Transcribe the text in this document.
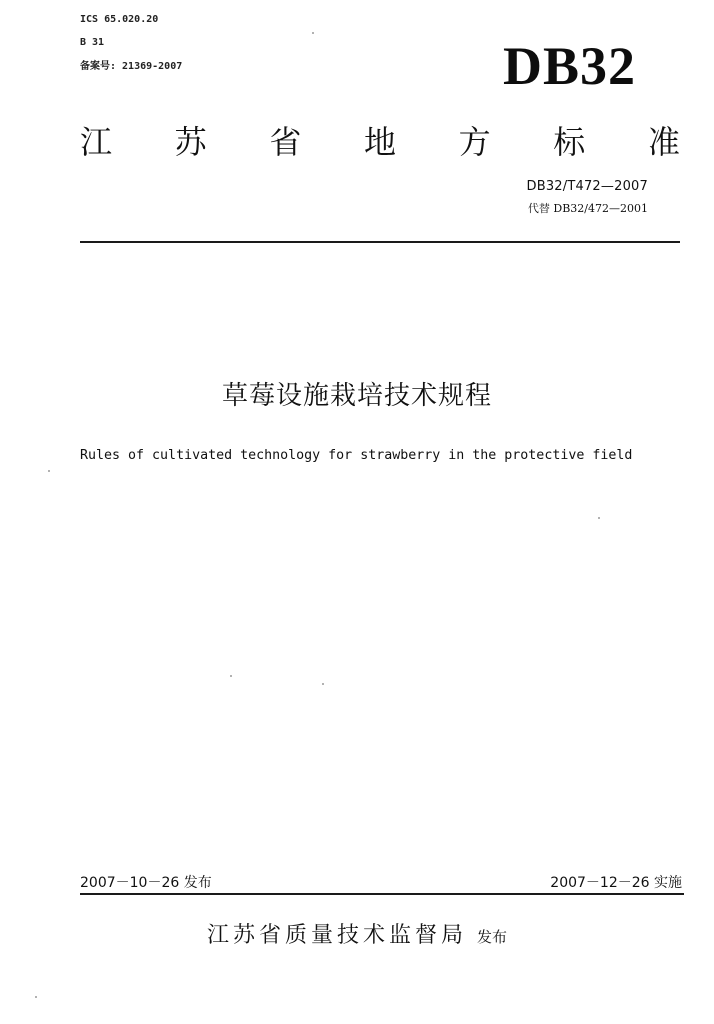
ICS 65.020.20
B 31
备案号: 21369-2007	DB32
江 苏 省 地 方 标 准
DB32/T472—2007
代替 DB32/472—2001
草莓设施栽培技术规程
Rules of cultivated technology for strawberry in the protective field
2007－10－26 发布	2007－12－26 实施
江苏省质量技术监督局 发布
